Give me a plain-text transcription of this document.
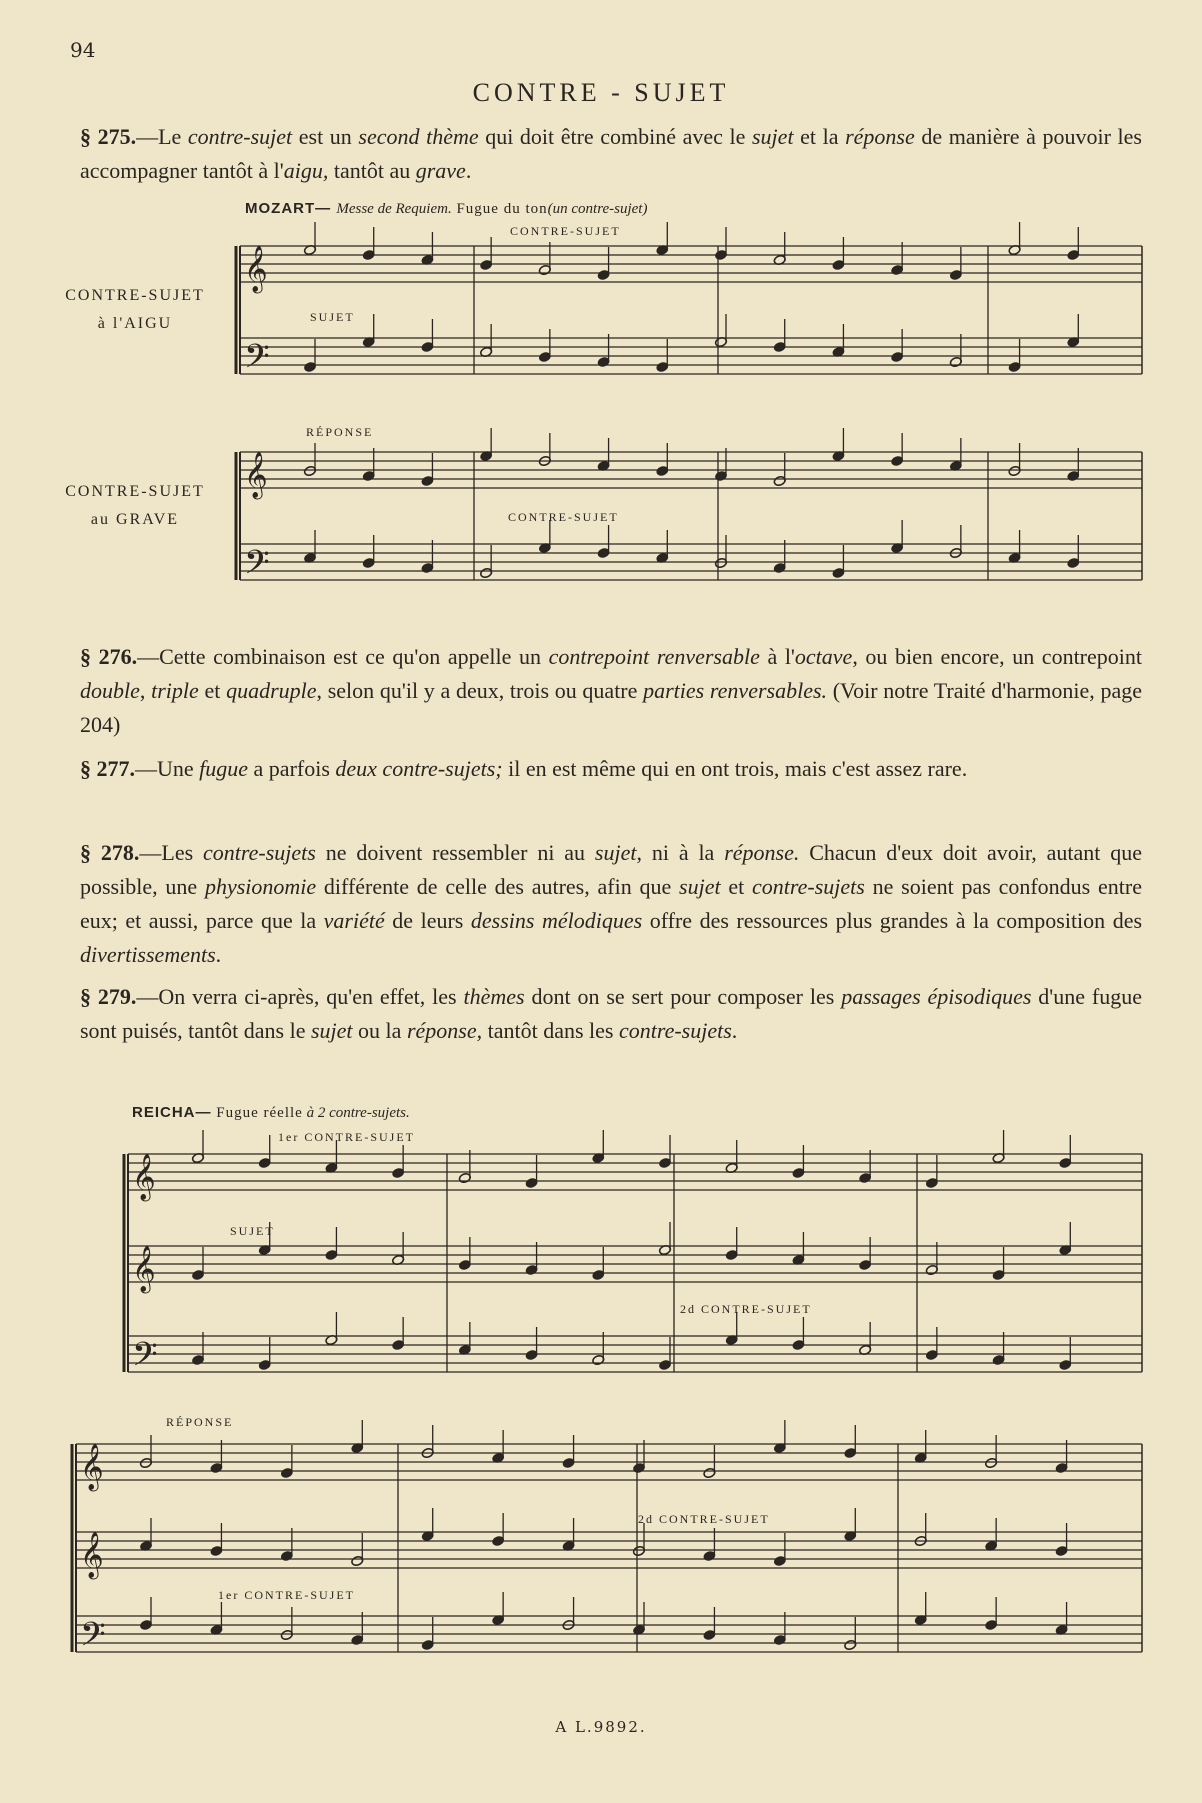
94
CONTRE - SUJET
§ 275.—Le contre-sujet est un second thème qui doit être combiné avec le sujet et la réponse de manière à pouvoir les accompagner tantôt à l'aigu, tantôt au grave.
MOZART— Messe de Requiem. Fugue du ton(un contre-sujet)
CONTRE-SUJET
SUJET
CONTRE-SUJET
à l'AIGU
RÉPONSE
CONTRE-SUJET
CONTRE-SUJET
au GRAVE
§ 276.—Cette combinaison est ce qu'on appelle un contrepoint renversable à l'octave, ou bien encore, un contrepoint double, triple et quadruple, selon qu'il y a deux, trois ou quatre parties renversables. (Voir notre Traité d'harmonie, page 204)
§ 277.—Une fugue a parfois deux contre-sujets; il en est même qui en ont trois, mais c'est assez rare.
§ 278.—Les contre-sujets ne doivent ressembler ni au sujet, ni à la réponse. Chacun d'eux doit avoir, autant que possible, une physionomie différente de celle des autres, afin que sujet et contre-sujets ne soient pas confondus entre eux; et aussi, parce que la variété de leurs dessins mélodiques offre des ressources plus grandes à la composition des divertissements.
§ 279.—On verra ci-après, qu'en effet, les thèmes dont on se sert pour composer les passages épisodiques d'une fugue sont puisés, tantôt dans le sujet ou la réponse, tantôt dans les contre-sujets.
REICHA— Fugue réelle à 2 contre-sujets.
1er CONTRE-SUJET
SUJET
2d CONTRE-SUJET
RÉPONSE
2d CONTRE-SUJET
1er CONTRE-SUJET
A L.9892.
𝄞
𝄢
𝄞
𝄢
𝄞
𝄞
𝄢
𝄞
𝄞
𝄢
